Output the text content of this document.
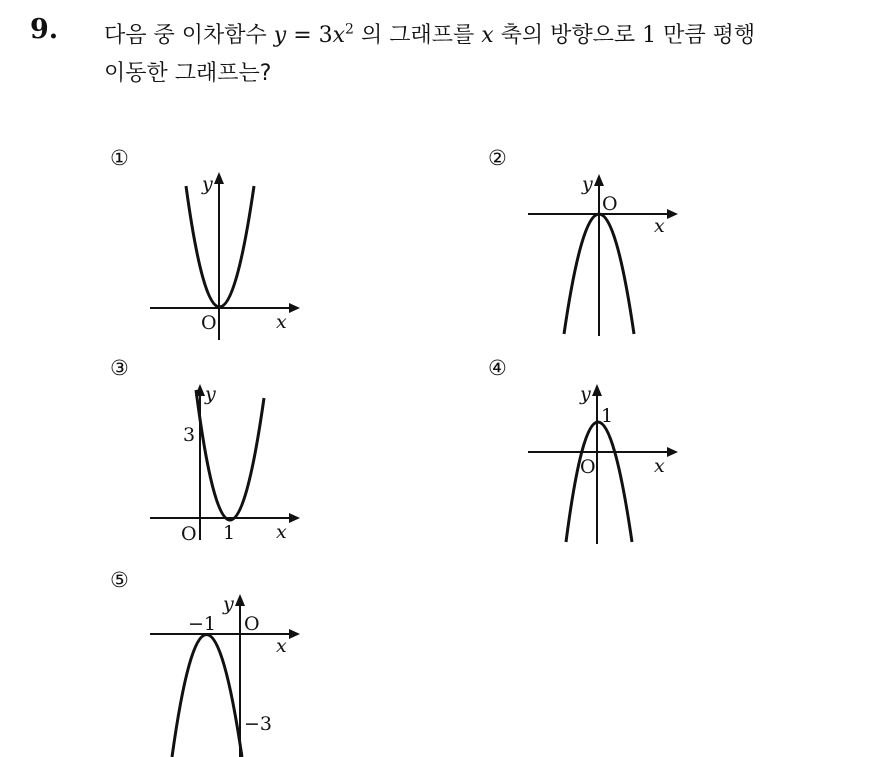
9. 다음 중 이차함수 $y = 3x^2$ 의 그래프를 x 축의 방향으로 1 만큼 평행
이동한 그래프는?
①
y
x
O
②
y
x
O
③
y
x
O
3
1
④
y
x
O
1
⑤
y
x
O
−1
−3
